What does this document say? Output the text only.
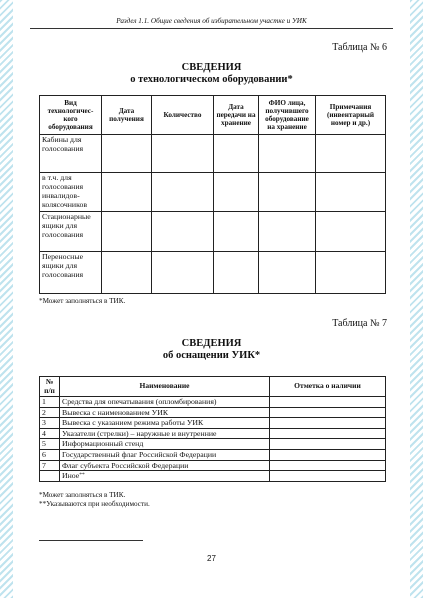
Раздел 1.1. Общие сведения об избирательном участке и УИК
Таблица № 6
СВЕДЕНИЯ
о технологическом оборудовании*
Вид технологичес-кого оборудования	Дата получения	Количество	Дата передачи на хранение	ФИО лица, получившего оборудование на хранение	Примечания (инвентарный номер и др.)
Кабины для голосования					
в т.ч. для голосования инвалидов-колясочников					
Стационарные ящики для голосования					
Переносные ящики для голосования					
*Может заполняться в ТИК.
Таблица № 7
СВЕДЕНИЯ
об оснащении УИК*
№ п/п	Наименование	Отметка о наличии
1	Средства для опечатывания (опломбирования)	
2	Вывеска с наименованием УИК	
3	Вывеска с указанием режима работы УИК	
4	Указатели (стрелки) – наружные и внутренние	
5	Информационный стенд	
6	Государственный флаг Российской Федерации	
7	Флаг субъекта Российской Федерации	
	Иное**	
*Может заполняться в ТИК.
**Указываются при необходимости.
27
